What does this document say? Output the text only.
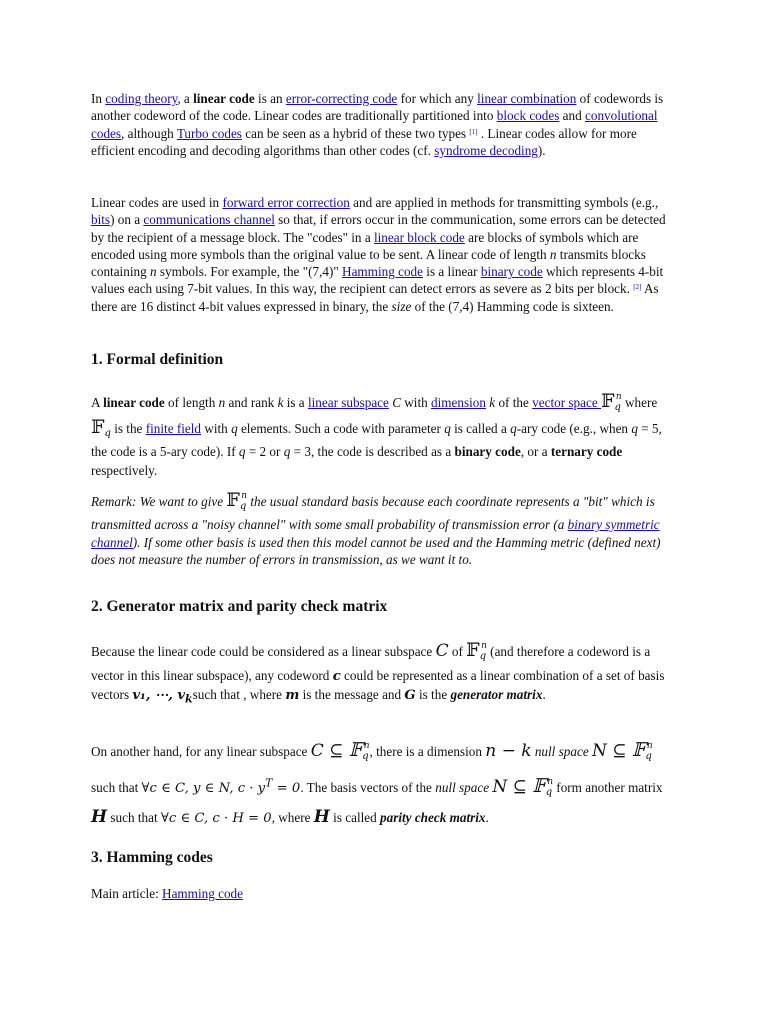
In coding theory, a linear code is an error-correcting code for which any linear combination of codewords is another codeword of the code. Linear codes are traditionally partitioned into block codes and convolutional codes, although Turbo codes can be seen as a hybrid of these two types [1] . Linear codes allow for more efficient encoding and decoding algorithms than other codes (cf. syndrome decoding).

Linear codes are used in forward error correction and are applied in methods for transmitting symbols (e.g., bits) on a communications channel so that, if errors occur in the communication, some errors can be detected by the recipient of a message block. The "codes" in a linear block code are blocks of symbols which are encoded using more symbols than the original value to be sent. A linear code of length n transmits blocks containing n symbols. For example, the "(7,4)" Hamming code is a linear binary code which represents 4-bit values each using 7-bit values. In this way, the recipient can detect errors as severe as 2 bits per block. [2] As there are 16 distinct 4-bit values expressed in binary, the size of the (7,4) Hamming code is sixteen.

1. Formal definition

A linear code of length n and rank k is a linear subspace C with dimension k of the vector space 𝔽$_q^n$ where 𝔽$_q$ is the finite field with q elements. Such a code with parameter q is called a q-ary code (e.g., when q = 5, the code is a 5-ary code). If q = 2 or q = 3, the code is described as a binary code, or a ternary code respectively.

Remark: We want to give 𝔽$_q^n$ the usual standard basis because each coordinate represents a "bit" which is transmitted across a "noisy channel" with some small probability of transmission error (a binary symmetric channel). If some other basis is used then this model cannot be used and the Hamming metric (defined next) does not measure the number of errors in transmission, as we want it to.

2. Generator matrix and parity check matrix

Because the linear code could be considered as a linear subspace C of 𝔽$_q^n$ (and therefore a codeword is a vector in this linear subspace), any codeword c could be represented as a linear combination of a set of basis vectors v₁, ⋯, $v_ksuch$ that , where m is the message and G is the generator matrix.

On another hand, for any linear subspace C ⊆ 𝔽$_q^n$, there is a dimension n − k null space N ⊆ 𝔽$_q^n$ such that ∀c ∈ C, y ∈ N, $c \cdot y^T = 0$. The basis vectors of the null space N ⊆ 𝔽$_q^n$ form another matrix H such that ∀c ∈ C, c · H = 0, where H is called parity check matrix.

3. Hamming codes

Main article: Hamming code
